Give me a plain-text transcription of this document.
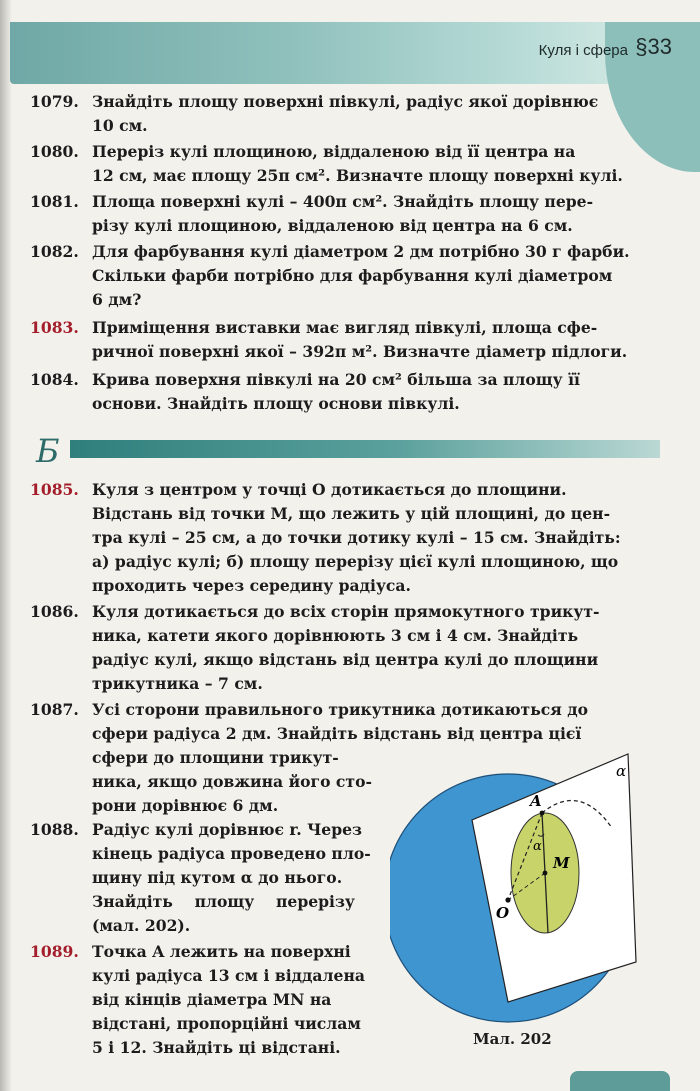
Куля і сфера §33
1079. Знайдіть площу поверхні півкулі, радіус якої дорівнює
10 см.
1080. Переріз кулі площиною, віддаленою від її центра на
12 см, має площу 25π см². Визначте площу поверхні кулі.
1081. Площа поверхні кулі – 400π см². Знайдіть площу пере-
різу кулі площиною, віддаленою від центра на 6 см.
1082. Для фарбування кулі діаметром 2 дм потрібно 30 г фарби.
Скільки фарби потрібно для фарбування кулі діаметром
6 дм?
1083. Приміщення виставки має вигляд півкулі, площа сфе-
ричної поверхні якої – 392π м². Визначте діаметр підлоги.
1084. Крива поверхня півкулі на 20 см² більша за площу її
основи. Знайдіть площу основи півкулі.
Б
1085. Куля з центром у точці O дотикається до площини.
Відстань від точки M, що лежить у цій площині, до цен-
тра кулі – 25 см, а до точки дотику кулі – 15 см. Знайдіть:
а) радіус кулі; б) площу перерізу цієї кулі площиною, що
проходить через середину радіуса.
1086. Куля дотикається до всіх сторін прямокутного трикут-
ника, катети якого дорівнюють 3 см і 4 см. Знайдіть
радіус кулі, якщо відстань від центра кулі до площини
трикутника – 7 см.
1087. Усі сторони правильного трикутника дотикаються до
сфери радіуса 2 дм. Знайдіть відстань від центра цієї
сфери до площини трикут-
ника, якщо довжина його сто-
рони дорівнює 6 дм.
1088. Радіус кулі дорівнює r. Через
кінець радіуса проведено пло-
щину під кутом α до нього.
Знайдіть    площу    перерізу
(мал. 202).
1089. Точка A лежить на поверхні
кулі радіуса 13 см і віддалена
від кінців діаметра MN на
відстані, пропорційні числам
5 і 12. Знайдіть ці відстані.
α
A
α
M
O
Мал. 202
